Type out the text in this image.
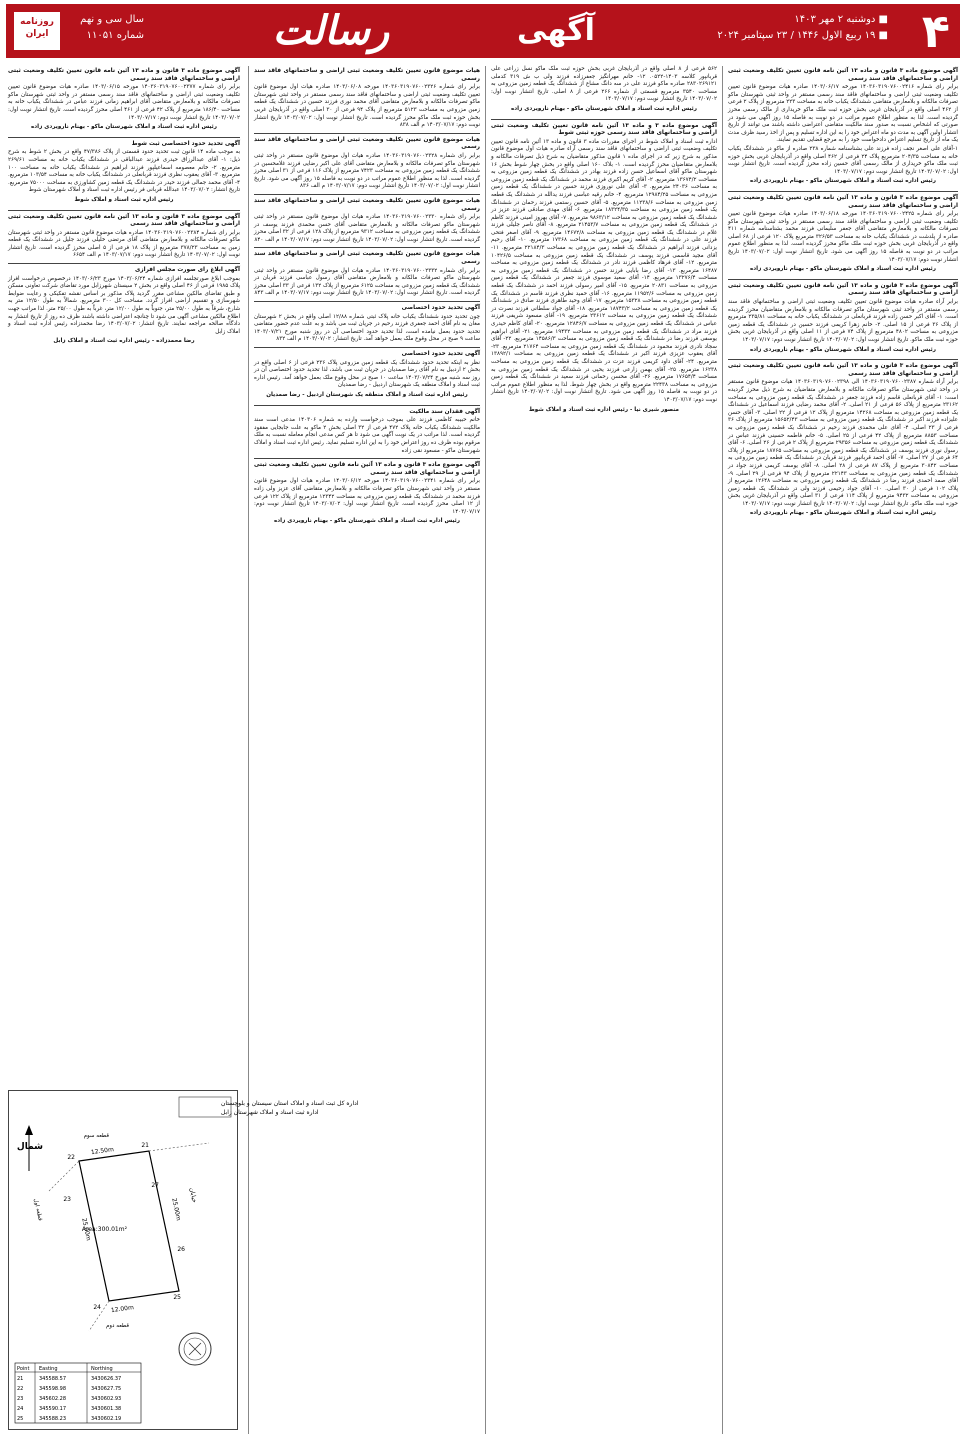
۴
■ دوشنبه ۲ مهر ۱۴۰۳
■ ۱۹ ربیع الاول ۱۴۴۶ / ۲۳ سپتامبر ۲۰۲۴
آگهی
رسالت
سال سی و نهم
شماره ۱۱۰۵۱
روزنامه ایران

آگهی موضوع ماده ۳ قانون و ماده ۱۳ آئین نامه قانون تعیین تکلیف وضعیت ثبتی اراضی و ساختمانهای فاقد سند رسمی

برابر رای شماره ۱۴۰۳۶۰۳۱۹۰۷۶۰۰۲۴۱۶ مورخه ۱۴۰۳/۰۶/۱۷ صادره هیات موضوع قانون تعیین تکلیف وضعیت ثبتی اراضی و ساختمانهای فاقد سند رسمی مستقر در واحد ثبتی شهرستان ماکو تصرفات مالکانه و بلامعارض متقاضی ششدانگ یکباب خانه به مساحت ۲۲۳ مترمربع از پلاک ۲ فرعی از ۴۶۲ اصلی واقع در آذربایجان غربی بخش حوزه ثبت ملک ماکو خریداری از مالک رسمی محرز گردیده است. لذا به منظور اطلاع عموم مراتب در دو نوبت به فاصله ۱۵ روز آگهی می شود در صورتی که اشخاص نسبت به صدور سند مالکیت متقاضی اعتراضی داشته باشند می توانند از تاریخ انتشار اولین آگهی به مدت دو ماه اعتراض خود را به این اداره تسلیم و پس از اخذ رسید ظرف مدت یک ماه از تاریخ تسلیم اعتراض دادخواست خود را به مرجع قضایی تقدیم نمایند.

۱-آقای علی اصغر نجف زاده فرزند علی بشناسنامه شماره ۲۳۸ صادره از ماکو در ششدانگ یکباب خانه به مساحت ۲۰۴/۳۵ مترمربع پلاک ۲۴ فرعی از ۴۶۲ اصلی واقع در آذربایجان غربی بخش حوزه ثبت ملک ماکو خریداری از مالک رسمی آقای حسین زاده محرز گردیده است. تاریخ انتشار نوبت اول: ۱۴۰۳/۰۷/۰۲ تاریخ انتشار نوبت دوم: ۱۴۰۳/۰۷/۱۷

رئیس اداره ثبت اسناد و املاک شهرستان ماکو - بهنام نارویردی زاده

آگهی موضوع ماده ۳ قانون و ماده ۱۳ آئین نامه قانون تعیین تکلیف وضعیت ثبتی اراضی و ساختمانهای فاقد سند رسمی

برابر رای شماره ۱۴۰۳۶۰۳۱۹۰۷۶۰۰۲۴۲۵ مورخه ۱۴۰۳/۰۶/۱۸ صادره هیات موضوع قانون تعیین تکلیف وضعیت ثبتی اراضی و ساختمانهای فاقد سند رسمی مستقر در واحد ثبتی شهرستان ماکو تصرفات مالکانه و بلامعارض متقاضی آقای جعفر سلیمانی فرزند محمد بشناسنامه شماره ۴۱۱ صادره از پلدشت در ششدانگ یکباب خانه به مساحت ۳۲۶/۵۳ مترمربع پلاک ۱۲۰ فرعی از ۶۸ اصلی واقع در آذربایجان غربی بخش حوزه ثبت ملک ماکو محرز گردیده است. لذا به منظور اطلاع عموم مراتب در دو نوبت به فاصله ۱۵ روز آگهی می شود. تاریخ انتشار نوبت اول: ۱۴۰۳/۰۷/۰۲ تاریخ انتشار نوبت دوم: ۱۴۰۳/۰۷/۱۷

رئیس اداره ثبت اسناد و املاک شهرستان ماکو - بهنام نارویردی زاده

آگهی موضوع ماده ۳ قانون و ماده ۱۳ آئین نامه قانون تعیین تکلیف وضعیت ثبتی اراضی و ساختمانهای فاقد سند رسمی

برابر آراء صادره هیات موضوع قانون تعیین تکلیف وضعیت ثبتی اراضی و ساختمانهای فاقد سند رسمی مستقر در واحد ثبتی شهرستان ماکو تصرفات مالکانه و بلامعارض متقاضیان محرز گردیده است. ۱- آقای اکبر حسن زاده فرزند قربانعلی در ششدانگ یکباب خانه به مساحت ۲۳۵/۸۱ مترمربع از پلاک ۳۶ فرعی از ۱۵ اصلی. ۲- خانم زهرا کریمی فرزند حسین در ششدانگ یک قطعه زمین مزروعی به مساحت ۴۸۰۲ مترمربع از پلاک ۷۴ فرعی از ۱۱ اصلی واقع در آذربایجان غربی بخش حوزه ثبت ملک ماکو. تاریخ انتشار نوبت اول: ۱۴۰۳/۰۷/۰۲ تاریخ انتشار نوبت دوم: ۱۴۰۳/۰۷/۱۷

رئیس اداره ثبت اسناد و املاک شهرستان ماکو - بهنام نارویردی زاده

آگهی موضوع ماده ۳ قانون و ماده ۱۳ آئین نامه قانون تعیین تکلیف وضعیت ثبتی اراضی و ساختمانهای فاقد سند رسمی

برابر آراء شماره ۱۴۰۳۶۰۳۱۹۰۷۶۰۰۲۳۸۷ الی ۱۴۰۳۶۰۳۱۹۰۷۶۰۰۲۳۹۸ هیات موضوع قانون مستقر در واحد ثبتی شهرستان ماکو تصرفات مالکانه و بلامعارض متقاضیان به شرح ذیل محرز گردیده است: ۱- آقای قربانعلی قاسم زاده فرزند جعفر در ششدانگ یک قطعه زمین مزروعی به مساحت ۲۳۱۶۲ مترمربع از پلاک ۵۶ فرعی از ۲۱ اصلی. ۲- آقای محمد رضایی فرزند اسماعیل در ششدانگ یک قطعه زمین مزروعی به مساحت ۱۴۲۶۸ مترمربع از پلاک ۱۲ فرعی از ۲۲ اصلی. ۳- آقای حسن علیزاده فرزند اکبر در ششدانگ یک قطعه زمین مزروعی به مساحت ۱۵۶۵۲/۴۳ مترمربع از پلاک ۳۶ فرعی از ۲۳ اصلی. ۴- آقای علی محمدی فرزند رحیم در ششدانگ یک قطعه زمین مزروعی به مساحت ۸۸۵۳ مترمربع از پلاک ۴۲ فرعی از ۲۵ اصلی. ۵- خانم فاطمه حسینی فرزند عباس در ششدانگ یک قطعه زمین مزروعی به مساحت ۲۹۳۵۶ مترمربع از پلاک ۲ فرعی از ۲۶ اصلی. ۶- آقای رسول نوری فرزند یوسف در ششدانگ یک قطعه زمین مزروعی به مساحت ۱۸۷۶۵ مترمربع از پلاک ۶۴ فرعی از ۲۷ اصلی. ۷- آقای احمد قربانپور فرزند قربان در ششدانگ یک قطعه زمین مزروعی به مساحت ۳۰۸۴۲ مترمربع از پلاک ۸۷ فرعی از ۲۸ اصلی. ۸- آقای یوسف کریمی فرزند جواد در ششدانگ یک قطعه زمین مزروعی به مساحت ۲۲۱۴۳ مترمربع از پلاک ۹۴ فرعی از ۲۹ اصلی. ۹- آقای صمد احمدی فرزند رضا در ششدانگ یک قطعه زمین مزروعی به مساحت ۱۲۶۴۸ مترمربع از پلاک ۱۰۲ فرعی از ۳۰ اصلی. ۱۰- آقای جواد رحیمی فرزند ولی در ششدانگ یک قطعه زمین مزروعی به مساحت ۹۴۳۲ مترمربع از پلاک ۱۱۴ فرعی از ۳۱ اصلی واقع در آذربایجان غربی بخش حوزه ثبت ملک ماکو. تاریخ انتشار نوبت اول: ۱۴۰۳/۰۷/۰۲ تاریخ انتشار نوبت دوم: ۱۴۰۳/۰۷/۱۷

رئیس اداره ثبت اسناد و املاک شهرستان ماکو - بهنام نارویردی زاده

۵۶۲ فرعی از ۸ اصلی واقع در آذربایجان غربی بخش حوزه ثبت ملک ماکو نسل زراعی علی قربانپور کلاسه ۱۴۰۳-۰۵۲۲. ۱۲- خانم مهرانگیز جعفرزاده فرزند ولی ب ش ۳۱۹ کدملی ۲۸۳۰۲۶۹۱۲۱ صادره ماکو فرزند علی در سه دانگ مشاع از ششدانگ یک قطعه زمین مزروعی به مساحت ۳۵۴۰ مترمربع قسمتی از شماره ۲۶۶ فرعی از ۸ اصلی. تاریخ انتشار نوبت اول: ۱۴۰۳/۰۷/۰۲ تاریخ انتشار نوبت دوم: ۱۴۰۳/۰۷/۱۷

رئیس اداره ثبت اسناد و املاک شهرستان ماکو - بهنام نارویردی زاده

آگهی موضوع ماده ۳ و ماده ۱۳ آئین نامه قانون تعیین تکلیف وضعیت ثبتی اراضی و ساختمانهای فاقد سند رسمی حوزه ثبتی شوط

اداره ثبت اسناد و املاک شوط در اجرای مقررات ماده ۳ قانون و ماده ۱۳ آئین نامه قانون تعیین تکلیف وضعیت ثبتی اراضی و ساختمانهای فاقد سند رسمی آراء صادره هیات اول موضوع قانون مذکور به شرح زیر که در اجرای ماده ۱ قانون مذکور متقاضیان به شرح ذیل تصرفات مالکانه و بلامعارض متقاضیان محرز گردیده است. ۱- بلاک ۱۶۰ اصلی واقع در بخش چهار شوط بخش ۱۶ شهرستان ماکو آقای اسماعیل حسن زاده فرزند بهادر در ششدانگ یک قطعه زمین مزروعی به مساحت ۱۳۶۷۴/۲ مترمربع. ۲- آقای کریم اکبری فرزند محمد در ششدانگ یک قطعه زمین مزروعی به مساحت ۲۴۰۳۶ مترمربع. ۳- آقای علی نوروزی فرزند حسین در ششدانگ یک قطعه زمین مزروعی به مساحت ۱۲۹۸۴/۲۵ مترمربع. ۴- خانم رقیه عباسی فرزند یدالله در ششدانگ یک قطعه زمین مزروعی به مساحت ۱۱۲۳۸/۶ مترمربع. ۵- آقای حسین رستمی فرزند رحمان در ششدانگ یک قطعه زمین مزروعی به مساحت ۱۸۳۲۴/۳۵ مترمربع. ۶- آقای مهدی صادقی فرزند عزیز در ششدانگ یک قطعه زمین مزروعی به مساحت ۹۸۶۳/۱۲ مترمربع. ۷- آقای بهروز امینی فرزند کاظم در ششدانگ یک قطعه زمین مزروعی به مساحت ۲۱۴۵۳/۷ مترمربع. ۸- آقای ناصر جلیلی فرزند غلام در ششدانگ یک قطعه زمین مزروعی به مساحت ۱۴۶۷۲/۸ مترمربع. ۹- آقای اصغر فتحی فرزند علی در ششدانگ یک قطعه زمین مزروعی به مساحت ۱۷۳۶۸ مترمربع. ۱۰- آقای رحیم یزدانی فرزند ابراهیم در ششدانگ یک قطعه زمین مزروعی به مساحت ۲۲۱۸۴/۳ مترمربع. ۱۱- آقای مجید قاسمی فرزند یوسف در ششدانگ یک قطعه زمین مزروعی به مساحت ۱۰۴۲۶/۵ مترمربع. ۱۲- آقای فرهاد کاظمی فرزند نادر در ششدانگ یک قطعه زمین مزروعی به مساحت ۱۶۴۸۷ مترمربع. ۱۳- آقای رضا بابایی فرزند حسن در ششدانگ یک قطعه زمین مزروعی به مساحت ۱۳۲۷۶/۴ مترمربع. ۱۴- آقای سعید موسوی فرزند جعفر در ششدانگ یک قطعه زمین مزروعی به مساحت ۲۰۸۳۱ مترمربع. ۱۵- آقای امیر رسولی فرزند احمد در ششدانگ یک قطعه زمین مزروعی به مساحت ۱۱۹۵۲/۶ مترمربع. ۱۶- آقای حمید نظری فرزند قاسم در ششدانگ یک قطعه زمین مزروعی به مساحت ۱۵۳۲۸ مترمربع. ۱۷- آقای وحید طاهری فرزند صادق در ششدانگ یک قطعه زمین مزروعی به مساحت ۱۸۷۴۳/۲ مترمربع. ۱۸- آقای جواد سلطانی فرزند نصرت در ششدانگ یک قطعه زمین مزروعی به مساحت ۲۳۶۱۲ مترمربع. ۱۹- آقای مسعود شریفی فرزند عباس در ششدانگ یک قطعه زمین مزروعی به مساحت ۱۲۸۴۶/۷ مترمربع. ۲۰- آقای کاظم حیدری فرزند مراد در ششدانگ یک قطعه زمین مزروعی به مساحت ۱۹۴۳۲ مترمربع. ۲۱- آقای ابراهیم یوسفی فرزند رضا در ششدانگ یک قطعه زمین مزروعی به مساحت ۱۴۵۸۶/۳ مترمربع. ۲۲- آقای سجاد نادری فرزند محمود در ششدانگ یک قطعه زمین مزروعی به مساحت ۲۱۷۶۴ مترمربع. ۲۳- آقای یعقوب عزیزی فرزند اکبر در ششدانگ یک قطعه زمین مزروعی به مساحت ۱۳۸۹۲/۱ مترمربع. ۲۴- آقای داود کریمی فرزند عزت در ششدانگ یک قطعه زمین مزروعی به مساحت ۱۶۲۳۸ مترمربع. ۲۵- آقای بهمن زارعی فرزند یحیی در ششدانگ یک قطعه زمین مزروعی به مساحت ۱۷۶۵۴/۴ مترمربع. ۲۶- آقای محسن رحمانی فرزند سعید در ششدانگ یک قطعه زمین مزروعی به مساحت ۲۲۴۳۸ مترمربع واقع در بخش چهار شوط. لذا به منظور اطلاع عموم مراتب در دو نوبت به فاصله ۱۵ روز آگهی می شود. تاریخ انتشار نوبت اول: ۱۴۰۳/۰۷/۰۲ تاریخ انتشار نوبت دوم: ۱۴۰۳/۰۷/۱۷

منصور شیری نیا - رئیس اداره ثبت اسناد و املاک شوط

هیات موضوع قانون تعیین تکلیف وضعیت ثبتی اراضی و ساختمانهای فاقد سند رسمی

برابر رای شماره ۱۴۰۳۶۰۳۱۹۰۷۶۰۰۲۳۲۶ مورخه ۱۴۰۳/۰۶/۰۸ صادره هیات اول موضوع قانون تعیین تکلیف وضعیت ثبتی اراضی و ساختمانهای فاقد سند رسمی مستقر در واحد ثبتی شهرستان ماکو تصرفات مالکانه و بلامعارض متقاضی آقای محمد نوری فرزند حسین در ششدانگ یک قطعه زمین مزروعی به مساحت ۵۱۲۳ مترمربع از پلاک ۹۴ فرعی از ۳۰ اصلی واقع در آذربایجان غربی بخش حوزه ثبت ملک ماکو محرز گردیده است. تاریخ انتشار نوبت اول: ۱۴۰۳/۰۷/۰۲ تاریخ انتشار نوبت دوم: ۱۴۰۳/۰۷/۱۷ م الف ۸۳۸

هیات موضوع قانون تعیین تکلیف وضعیت ثبتی اراضی و ساختمانهای فاقد سند رسمی

برابر رای شماره ۱۴۰۳۶۰۳۱۹۰۷۶۰۰۲۳۲۸ صادره هیات اول موضوع قانون مستقر در واحد ثبتی شهرستان ماکو تصرفات مالکانه و بلامعارض متقاضی آقای علی اکبر رضایی فرزند غلامحسین در ششدانگ یک قطعه زمین مزروعی به مساحت ۷۴۲۳ مترمربع از پلاک ۱۱۶ فرعی از ۳۱ اصلی محرز گردیده است. لذا به منظور اطلاع عموم مراتب در دو نوبت به فاصله ۱۵ روز آگهی می شود. تاریخ انتشار نوبت اول: ۱۴۰۳/۰۷/۰۲ تاریخ انتشار نوبت دوم: ۱۴۰۳/۰۷/۱۷ م الف ۸۳۶

هیات موضوع قانون تعیین تکلیف وضعیت ثبتی اراضی و ساختمانهای فاقد سند رسمی

برابر رای شماره ۱۴۰۳۶۰۳۱۹۰۷۶۰۰۲۳۳۰ صادره هیات اول موضوع قانون مستقر در واحد ثبتی شهرستان ماکو تصرفات مالکانه و بلامعارض متقاضی آقای حسن محمدی فرزند یوسف در ششدانگ یک قطعه زمین مزروعی به مساحت ۹۳۱۲ مترمربع از پلاک ۱۲۸ فرعی از ۳۲ اصلی محرز گردیده است. تاریخ انتشار نوبت اول: ۱۴۰۳/۰۷/۰۲ تاریخ انتشار نوبت دوم: ۱۴۰۳/۰۷/۱۷ م الف ۸۴۰

هیات موضوع قانون تعیین تکلیف وضعیت ثبتی اراضی و ساختمانهای فاقد سند رسمی

برابر رای شماره ۱۴۰۳۶۰۳۱۹۰۷۶۰۰۲۳۳۲ صادره هیات اول موضوع قانون مستقر در واحد ثبتی شهرستان ماکو تصرفات مالکانه و بلامعارض متقاضی آقای رسول عباسی فرزند قربان در ششدانگ یک قطعه زمین مزروعی به مساحت ۶۱۲۵ مترمربع از پلاک ۱۳۲ فرعی از ۳۳ اصلی محرز گردیده است. تاریخ انتشار نوبت اول: ۱۴۰۳/۰۷/۰۲ تاریخ انتشار نوبت دوم: ۱۴۰۳/۰۷/۱۷ م الف ۸۴۳

آگهی تحدید حدود اختصاصی

چون تحدید حدود ششدانگ یکباب خانه پلاک ثبتی شماره ۱۲/۸۸ اصلی واقع در بخش ۲ شهرستان مغان به نام آقای احمد جعفری فرزند رحیم در جریان ثبت می باشد و به علت عدم حضور متقاضی تحدید حدود بعمل نیامده است، لذا تحدید حدود اختصاصی آن در روز شنبه مورخ ۱۴۰۳/۰۷/۲۱ ساعت ۹ صبح در محل وقوع ملک بعمل خواهد آمد. تاریخ انتشار: ۱۴۰۳/۰۷/۰۲ م الف ۸۳۲

آگهی تحدید حدود اختصاصی

نظر به اینکه تحدید حدود ششدانگ یک قطعه زمین مزروعی پلاک ۲۳۶ فرعی از ۶ اصلی واقع در بخش ۲ اردبیل به نام آقای رضا صمدیان در جریان ثبت می باشد، لذا تحدید حدود اختصاصی آن در روز سه شنبه مورخ ۱۴۰۳/۰۷/۲۴ ساعت ۱۰ صبح در محل وقوع ملک بعمل خواهد آمد. رئیس اداره ثبت اسناد و املاک منطقه یک شهرستان اردبیل - رضا صمدیان

رئیس اداره ثبت اسناد و املاک منطقه یک شهرستان اردبیل - رضا صمدیان

آگهی فقدان سند مالکیت

خانم حبیبه کاظمی فرزند علی بموجب درخواست وارده به شماره ۱۴۰۳۰۶ مدعی است سند مالکیت ششدانگ یکباب خانه پلاک ۴۷۲ فرعی از ۳۲ اصلی بخش ۲ ماکو به علت جابجایی مفقود گردیده است. لذا مراتب در یک نوبت آگهی می شود تا هر کس مدعی انجام معامله نسبت به ملک مرقوم بوده ظرف ده روز اعتراض خود را به این اداره تسلیم نماید. رئیس اداره ثبت اسناد و املاک شهرستان ماکو - مسعود نقی زاده

آگهی موضوع ماده ۳ قانون و ماده ۱۳ آئین نامه قانون تعیین تکلیف وضعیت ثبتی اراضی و ساختمانهای فاقد سند رسمی

برابر رای شماره ۱۴۰۳۶۰۳۱۹۰۷۶۰۰۲۳۴۱ مورخه ۱۴۰۳/۰۶/۱۲ صادره هیات اول موضوع قانون مستقر در واحد ثبتی شهرستان ماکو تصرفات مالکانه و بلامعارض متقاضی آقای عزیز ولی زاده فرزند محمد در ششدانگ یک قطعه زمین مزروعی به مساحت ۱۲۳۴۲ مترمربع از پلاک ۱۲۲ فرعی از ۱۲ اصلی محرز گردیده است. تاریخ انتشار نوبت اول: ۱۴۰۳/۰۷/۰۲ تاریخ انتشار نوبت دوم: ۱۴۰۳/۰۷/۱۷

رئیس اداره ثبت اسناد و املاک شهرستان ماکو - بهنام نارویردی زاده

آگهی موضوع ماده ۳ قانون و ماده ۱۳ آئین نامه قانون تعیین تکلیف وضعیت ثبتی اراضی و ساختمانهای فاقد سند رسمی

برابر رای شماره ۱۴۰۳۶۰۳۱۹۰۷۶۰۰۲۳۷۷ مورخه ۱۴۰۳/۰۶/۱۵ صادره هیات موضوع قانون تعیین تکلیف وضعیت ثبتی اراضی و ساختمانهای فاقد سند رسمی مستقر در واحد ثبتی شهرستان ماکو تصرفات مالکانه و بلامعارض متقاضی آقای ابراهیم زمانی فرزند عباس در ششدانگ یکباب خانه به مساحت ۱۸۶/۴۰ مترمربع از پلاک ۴۲ فرعی از ۴۶۱ اصلی محرز گردیده است. تاریخ انتشار نوبت اول: ۱۴۰۳/۰۷/۰۲ تاریخ انتشار نوبت دوم: ۱۴۰۳/۰۷/۱۷

رئیس اداره ثبت اسناد و املاک شهرستان ماکو - بهنام نارویردی زاده

آگهی تحدید حدود اختصاصی ثبت شوط

به موجب ماده ۱۴ قانون ثبت تحدید حدود قسمتی از پلاک ۴۷/۳۸۶ واقع در بخش ۲ شوط به شرح ذیل: ۱- آقای عبدالرزاق حیدری فرزند عبدالباقی در ششدانگ یکباب خانه به مساحت ۲۶۹/۶۱ مترمربع. ۲- خانم معصومه اسماعیلپور فرزند ابراهیم در ششدانگ یکباب خانه به مساحت ۱۰۰ مترمربع. ۳- آقای یعقوب نظری فرزند قربانعلی در ششدانگ یکباب خانه به مساحت ۱۰۳/۵۴ مترمربع. ۴- آقای محمد جمالی فرزند حیدر در ششدانگ یک قطعه زمین کشاورزی به مساحت ۷۵۰۰۰ مترمربع. تاریخ انتشار: ۱۴۰۳/۰۷/۰۲ عبدالله قربانی فر رئیس اداره ثبت اسناد و املاک شهرستان شوط

رئیس اداره ثبت اسناد و املاک شوط

آگهی موضوع ماده ۳ قانون و ماده ۱۳ آئین نامه قانون تعیین تکلیف وضعیت ثبتی اراضی و ساختمانهای فاقد سند رسمی

برابر رای شماره ۱۴۰۳۶۰۳۱۹۰۷۶۰۰۲۳۸۴ صادره هیات موضوع قانون مستقر در واحد ثبتی شهرستان ماکو تصرفات مالکانه و بلامعارض متقاضی آقای مرتضی خلیلی فرزند جلیل در ششدانگ یک قطعه زمین به مساحت ۳۷۸/۲۳ مترمربع از پلاک ۱۸ فرعی از ۵ اصلی محرز گردیده است. تاریخ انتشار نوبت اول: ۱۴۰۳/۰۷/۰۲ تاریخ انتشار نوبت دوم: ۱۴۰۳/۰۷/۱۷ م الف ۶۶۵۴

آگهی ابلاغ رای صورت مجلس افرازی

بموجب ابلاغ صورتجلسه افرازی شماره ۱۴۰۳/۰۶/۲۴ مورخ ۱۴۰۳/۰۶/۲۳ درخصوص درخواست افراز پلاک ۱۹۸۵ فرعی از ۴۶ اصلی واقع در بخش ۲ سیستان شهرزابل مورد تقاضای شرکت تعاونی مسکن و طبق تقاضای مالکین مشاعی مقرر گردید پلاک مذکور بر اساس نقشه تفکیکی و رعایت ضوابط شهرسازی و تقسیم اراضی افراز گردد. مساحت کل ۳۰۰ مترمربع. شمالاً به طول ۱۲/۵۰ متر به شارع، شرقاً به طول ۲۵/۰۰ متر، جنوباً به طول ۱۲/۰۰ متر، غرباً به طول ۲۵/۰۰ متر. لذا مراتب جهت اطلاع مالکین مشاعی آگهی می شود تا چنانچه اعتراضی داشته باشند ظرف ده روز از تاریخ انتشار به دادگاه صالحه مراجعه نمایند. تاریخ انتشار: ۱۴۰۳/۰۷/۰۲ رضا محمدزاده رئیس اداره ثبت اسناد و املاک زابل

رضا محمدزاده - رئیس اداره ثبت اسناد و املاک زابل

اداره کل ثبت اسناد و املاک استان سیستان و بلوچستان
اداره ثبت اسناد و املاک شهرستان زابل
شمال	12.50m
25.00m
12.00m
25.00m
Area:300.01m²
21
22
23
24
25
26
27
خیابان
قطعه اول
قطعه دوم
قطعه سوم
Point Easting	Northing
21	345588.57	3430626.37
22	345598.98	3430627.75
23	345602.28	3430602.93
24	345590.17	3430601.38
25	345588.23	3430602.19
